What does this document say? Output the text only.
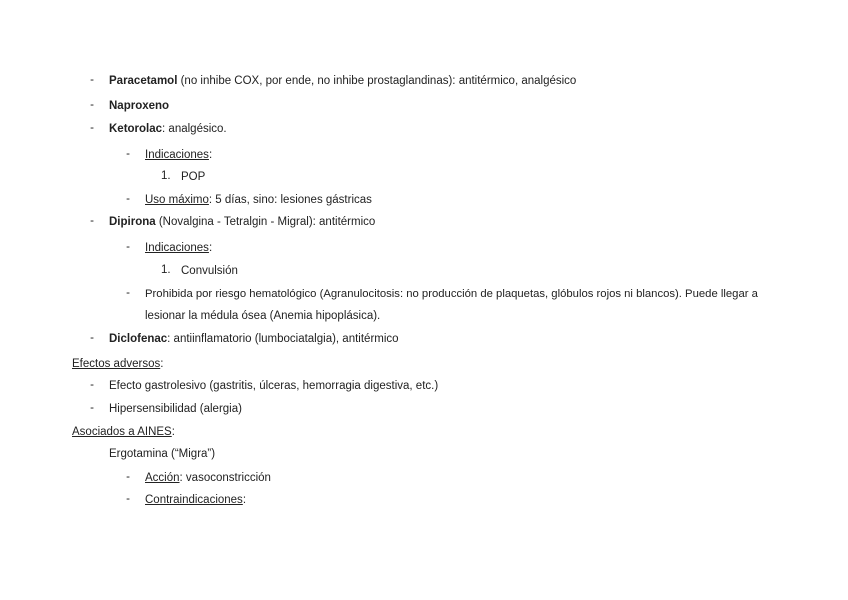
- Paracetamol (no inhibe COX, por ende, no inhibe prostaglandinas): antitérmico, analgésico
- Naproxeno
- Ketorolac: analgésico.
- Indicaciones:
1. POP
- Uso máximo: 5 días, sino: lesiones gástricas
- Dipirona (Novalgina - Tetralgin - Migral): antitérmico
- Indicaciones:
1. Convulsión
- Prohibida por riesgo hematológico (Agranulocitosis: no producción de plaquetas, glóbulos rojos ni blancos). Puede llegar a
lesionar la médula ósea (Anemia hipoplásica).
- Diclofenac: antiinflamatorio (lumbociatalgia), antitérmico
Efectos adversos:
- Efecto gastrolesivo (gastritis, úlceras, hemorragia digestiva, etc.)
- Hipersensibilidad (alergia)
Asociados a AINES:
Ergotamina (“Migra”)
- Acción: vasoconstricción
- Contraindicaciones:
